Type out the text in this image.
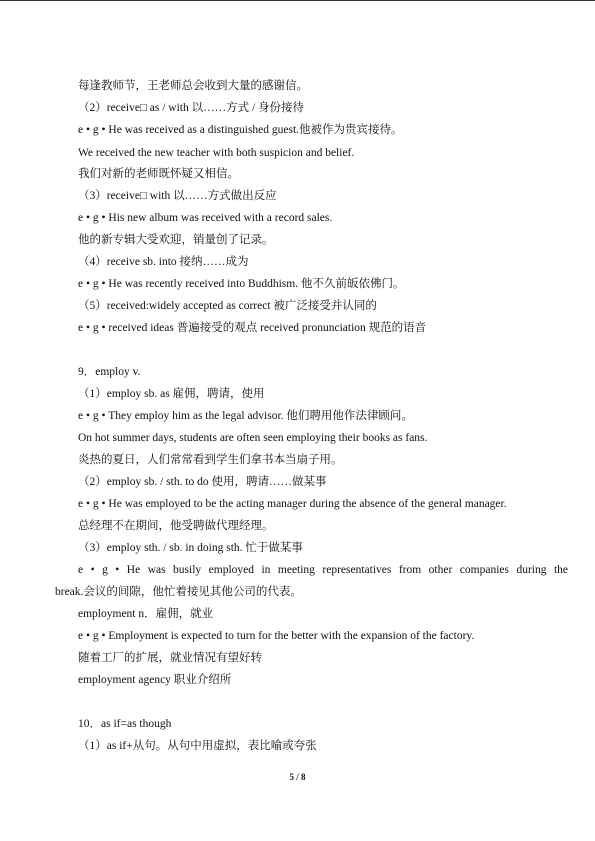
每逢教师节，王老师总会收到大量的感谢信。
（2）receive□ as / with 以……方式 / 身份接待
e • g • He was received as a distinguished guest.他被作为贵宾接待。
We received the new teacher with both suspicion and belief.
我们对新的老师既怀疑又相信。
（3）receive□ with 以……方式做出反应
e • g • His new album was received with a record sales.
他的新专辑大受欢迎，销量创了记录。
（4）receive sb. into 接纳……成为
e • g • He was recently received into Buddhism. 他不久前皈依佛门。
（5）received:widely accepted as correct 被广泛接受并认同的
e • g • received ideas 普遍接受的观点 received pronunciation 规范的语音
9．employ v.
（1）employ sb. as 雇佣，聘请，使用
e • g • They employ him as the legal advisor. 他们聘用他作法律顾问。
On hot summer days, students are often seen employing their books as fans.
炎热的夏日，人们常常看到学生们拿书本当扇子用。
（2）employ sb. / sth. to do 使用，聘请……做某事
e • g • He was employed to be the acting manager during the absence of the general manager.
总经理不在期间，他受聘做代理经理。
（3）employ sth. / sb. in doing sth. 忙于做某事
e • g • He was busily employed in meeting representatives from other companies during the
break.会议的间隙，他忙着接见其他公司的代表。
employment n．雇佣，就业
e • g • Employment is expected to turn for the better with the expansion of the factory.
随着工厂的扩展，就业情况有望好转
employment agency 职业介绍所
10．as if=as though
（1）as if+从句。从句中用虚拟，表比喻或夸张
5 / 8
